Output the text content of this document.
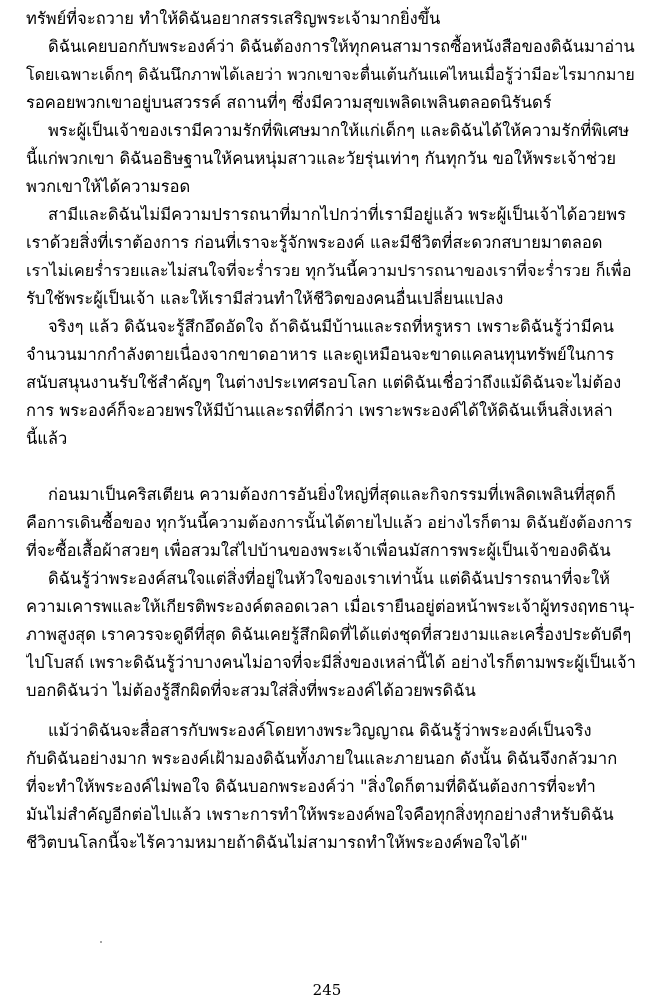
ทรัพย์ที่จะถวาย ทำให้ดิฉันอยากสรรเสริญพระเจ้ามากยิ่งขึ้น
ดิฉันเคยบอกกับพระองค์ว่า ดิฉันต้องการให้ทุกคนสามารถซื้อหนังสือของดิฉันมาอ่าน
โดยเฉพาะเด็กๆ ดิฉันนึกภาพได้เลยว่า พวกเขาจะตื่นเต้นกันแค่ไหนเมื่อรู้ว่ามีอะไรมากมาย
รอคอยพวกเขาอยู่บนสวรรค์ สถานที่ๆ ซึ่งมีความสุขเพลิดเพลินตลอดนิรันดร์
พระผู้เป็นเจ้าของเรามีความรักที่พิเศษมากให้แก่เด็กๆ และดิฉันได้ให้ความรักที่พิเศษ
นี้แก่พวกเขา ดิฉันอธิษฐานให้คนหนุ่มสาวและวัยรุ่นเท่าๆ กันทุกวัน ขอให้พระเจ้าช่วย
พวกเขาให้ได้ความรอด
สามีและดิฉันไม่มีความปรารถนาที่มากไปกว่าที่เรามีอยู่แล้ว พระผู้เป็นเจ้าได้อวยพร
เราด้วยสิ่งที่เราต้องการ ก่อนที่เราจะรู้จักพระองค์ และมีชีวิตที่สะดวกสบายมาตลอด
เราไม่เคยร่ำรวยและไม่สนใจที่จะร่ำรวย ทุกวันนี้ความปรารถนาของเราที่จะร่ำรวย ก็เพื่อ
รับใช้พระผู้เป็นเจ้า และให้เรามีส่วนทำให้ชีวิตของคนอื่นเปลี่ยนแปลง
จริงๆ แล้ว ดิฉันจะรู้สึกอึดอัดใจ ถ้าดิฉันมีบ้านและรถที่หรูหรา เพราะดิฉันรู้ว่ามีคน
จำนวนมากกำลังตายเนื่องจากขาดอาหาร และดูเหมือนจะขาดแคลนทุนทรัพย์ในการ
สนับสนุนงานรับใช้สำคัญๆ ในต่างประเทศรอบโลก แต่ดิฉันเชื่อว่าถึงแม้ดิฉันจะไม่ต้อง
การ พระองค์ก็จะอวยพรให้มีบ้านและรถที่ดีกว่า เพราะพระองค์ได้ให้ดิฉันเห็นสิ่งเหล่า
นี้แล้ว
ก่อนมาเป็นคริสเตียน ความต้องการอันยิ่งใหญ่ที่สุดและกิจกรรมที่เพลิดเพลินที่สุดก็
คือการเดินซื้อของ ทุกวันนี้ความต้องการนั้นได้ตายไปแล้ว อย่างไรก็ตาม ดิฉันยังต้องการ
ที่จะซื้อเสื้อผ้าสวยๆ เพื่อสวมใส่ไปบ้านของพระเจ้าเพื่อนมัสการพระผู้เป็นเจ้าของดิฉัน
ดิฉันรู้ว่าพระองค์สนใจแต่สิ่งที่อยู่ในหัวใจของเราเท่านั้น แต่ดิฉันปรารถนาที่จะให้
ความเคารพและให้เกียรติพระองค์ตลอดเวลา เมื่อเรายืนอยู่ต่อหน้าพระเจ้าผู้ทรงฤทธานุ-
ภาพสูงสุด เราควรจะดูดีที่สุด ดิฉันเคยรู้สึกผิดที่ได้แต่งชุดที่สวยงามและเครื่องประดับดีๆ
ไปโบสถ์ เพราะดิฉันรู้ว่าบางคนไม่อาจที่จะมีสิ่งของเหล่านี้ได้ อย่างไรก็ตามพระผู้เป็นเจ้า
บอกดิฉันว่า ไม่ต้องรู้สึกผิดที่จะสวมใส่สิ่งที่พระองค์ได้อวยพรดิฉัน
แม้ว่าดิฉันจะสื่อสารกับพระองค์โดยทางพระวิญญาณ ดิฉันรู้ว่าพระองค์เป็นจริง
กับดิฉันอย่างมาก พระองค์เฝ้ามองดิฉันทั้งภายในและภายนอก ดังนั้น ดิฉันจึงกลัวมาก
ที่จะทำให้พระองค์ไม่พอใจ ดิฉันบอกพระองค์ว่า "สิ่งใดก็ตามที่ดิฉันต้องการที่จะทำ
มันไม่สำคัญอีกต่อไปแล้ว เพราะการทำให้พระองค์พอใจคือทุกสิ่งทุกอย่างสำหรับดิฉัน
ชีวิตบนโลกนี้จะไร้ความหมายถ้าดิฉันไม่สามารถทำให้พระองค์พอใจได้"
245
